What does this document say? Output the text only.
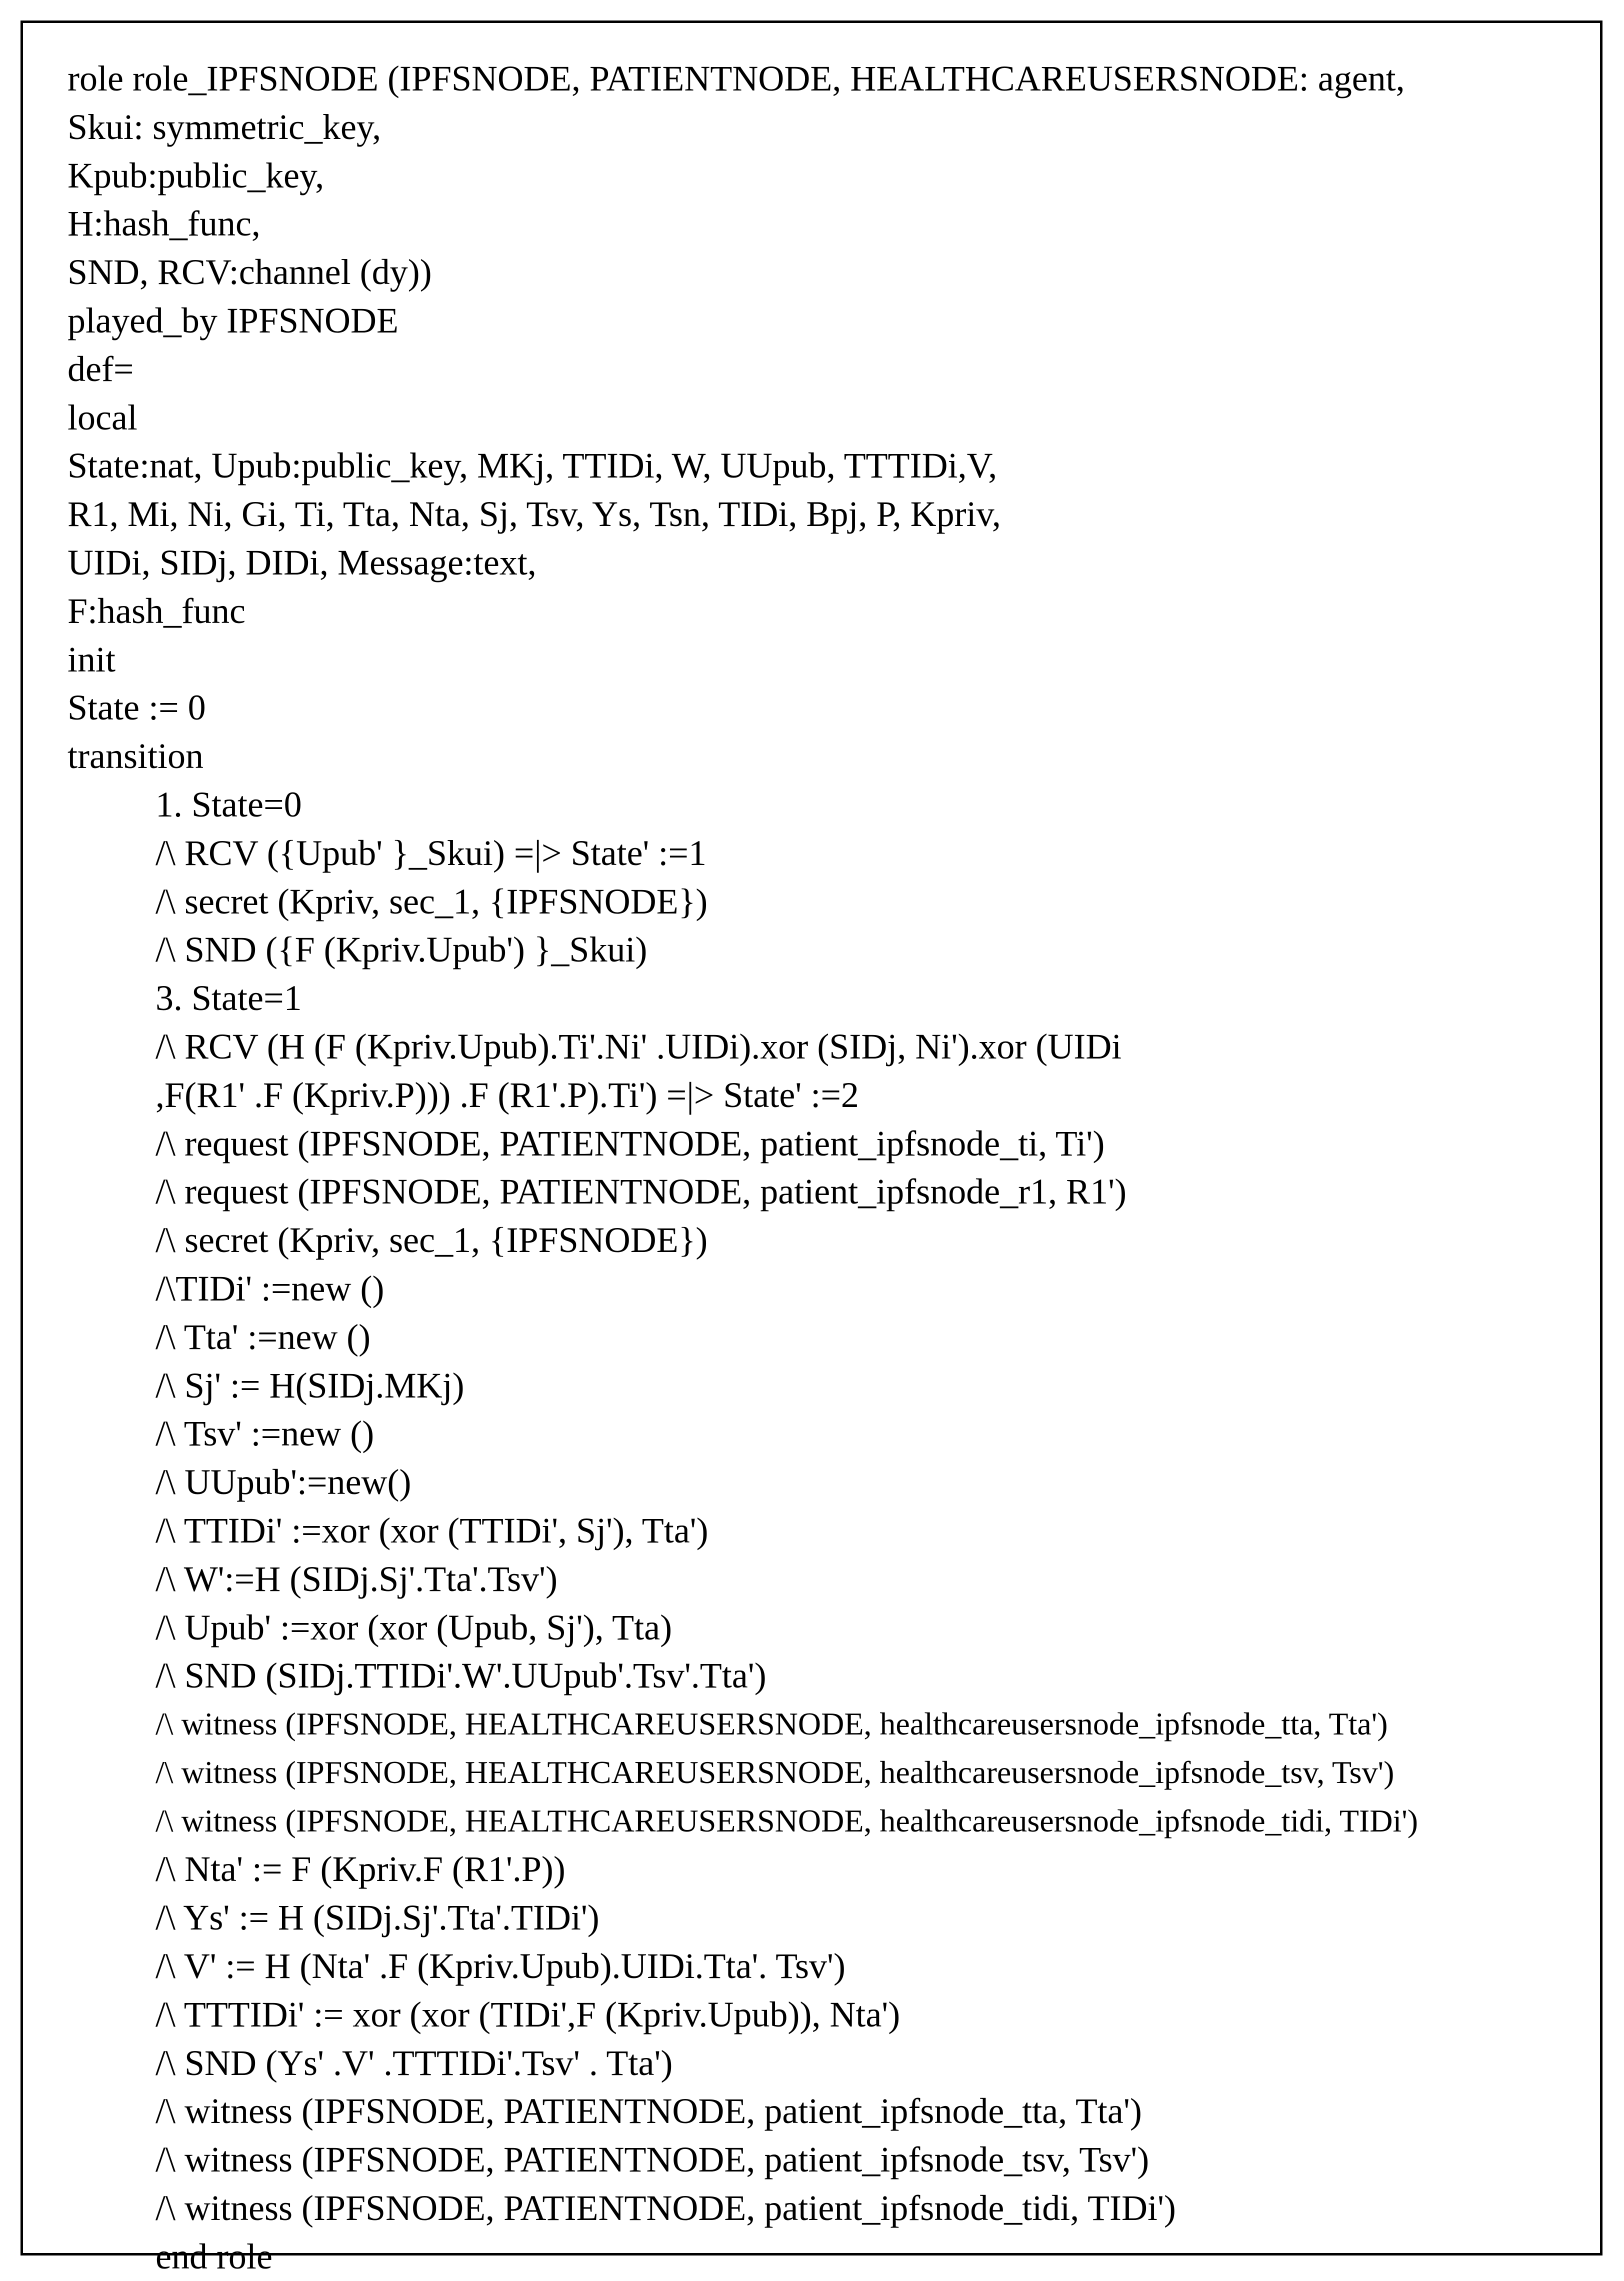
role role_IPFSNODE (IPFSNODE, PATIENTNODE, HEALTHCAREUSERSNODE: agent,
Skui: symmetric_key,
Kpub:public_key,
H:hash_func,
SND, RCV:channel (dy))
played_by IPFSNODE
def=
local
State:nat, Upub:public_key, MKj, TTIDi, W, UUpub, TTTIDi,V,
R1, Mi, Ni, Gi, Ti, Tta, Nta, Sj, Tsv, Ys, Tsn, TIDi, Bpj, P, Kpriv,
UIDi, SIDj, DIDi, Message:text,
F:hash_func
init
State := 0
transition
1. State=0
/\ RCV ({Upub' }_Skui) =|> State' :=1
/\ secret (Kpriv, sec_1, {IPFSNODE})
/\ SND ({F (Kpriv.Upub') }_Skui)
3. State=1
/\ RCV (H (F (Kpriv.Upub).Ti'.Ni' .UIDi).xor (SIDj, Ni').xor (UIDi
,F(R1' .F (Kpriv.P))) .F (R1'.P).Ti') =|> State' :=2
/\ request (IPFSNODE, PATIENTNODE, patient_ipfsnode_ti, Ti')
/\ request (IPFSNODE, PATIENTNODE, patient_ipfsnode_r1, R1')
/\ secret (Kpriv, sec_1, {IPFSNODE})
/\TIDi' :=new ()
/\ Tta' :=new ()
/\ Sj' := H(SIDj.MKj)
/\ Tsv' :=new ()
/\ UUpub':=new()
/\ TTIDi' :=xor (xor (TTIDi', Sj'), Tta')
/\ W':=H (SIDj.Sj'.Tta'.Tsv')
/\ Upub' :=xor (xor (Upub, Sj'), Tta)
/\ SND (SIDj.TTIDi'.W'.UUpub'.Tsv'.Tta')
/\ witness (IPFSNODE, HEALTHCAREUSERSNODE, healthcareusersnode_ipfsnode_tta, Tta')
/\ witness (IPFSNODE, HEALTHCAREUSERSNODE, healthcareusersnode_ipfsnode_tsv, Tsv')
/\ witness (IPFSNODE, HEALTHCAREUSERSNODE, healthcareusersnode_ipfsnode_tidi, TIDi')
/\ Nta' := F (Kpriv.F (R1'.P))
/\ Ys' := H (SIDj.Sj'.Tta'.TIDi')
/\ V' := H (Nta' .F (Kpriv.Upub).UIDi.Tta'. Tsv')
/\ TTTIDi' := xor (xor (TIDi',F (Kpriv.Upub)), Nta')
/\ SND (Ys' .V' .TTTIDi'.Tsv' . Tta')
/\ witness (IPFSNODE, PATIENTNODE, patient_ipfsnode_tta, Tta')
/\ witness (IPFSNODE, PATIENTNODE, patient_ipfsnode_tsv, Tsv')
/\ witness (IPFSNODE, PATIENTNODE, patient_ipfsnode_tidi, TIDi')
end role
